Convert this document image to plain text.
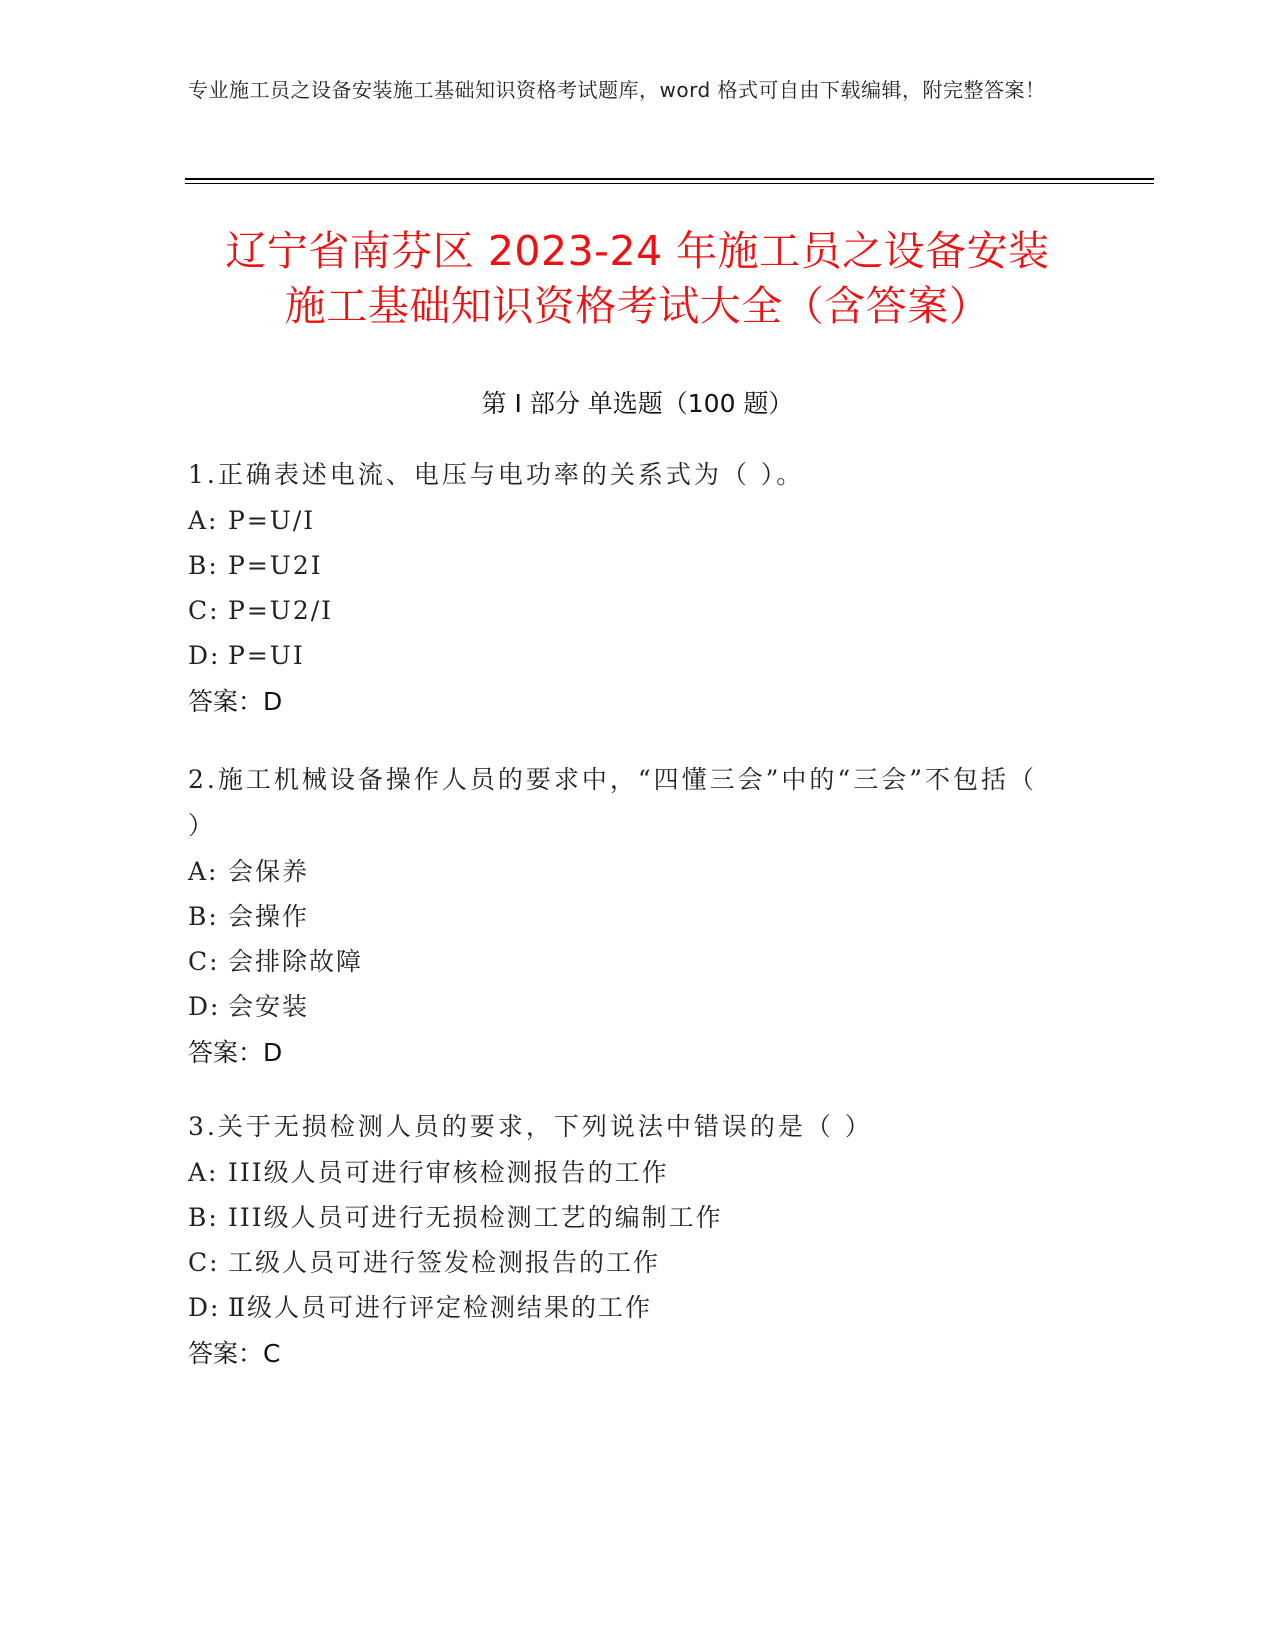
专业施工员之设备安装施工基础知识资格考试题库，word 格式可自由下载编辑，附完整答案！
辽宁省南芬区 2023-24 年施工员之设备安装
施工基础知识资格考试大全（含答案）
第 I 部分 单选题（100 题）
1.正确表述电流、电压与电功率的关系式为（ ）。
A: P=U/I
B: P=U2I
C: P=U2/I
D: P=UI
答案：D
2.施工机械设备操作人员的要求中，“四懂三会”中的“三会”不包括（ ）
A: 会保养
B: 会操作
C: 会排除故障
D: 会安装
答案：D
3.关于无损检测人员的要求，下列说法中错误的是（ ）
A: III级人员可进行审核检测报告的工作
B: III级人员可进行无损检测工艺的编制工作
C: 工级人员可进行签发检测报告的工作
D: Ⅱ级人员可进行评定检测结果的工作
答案：C
